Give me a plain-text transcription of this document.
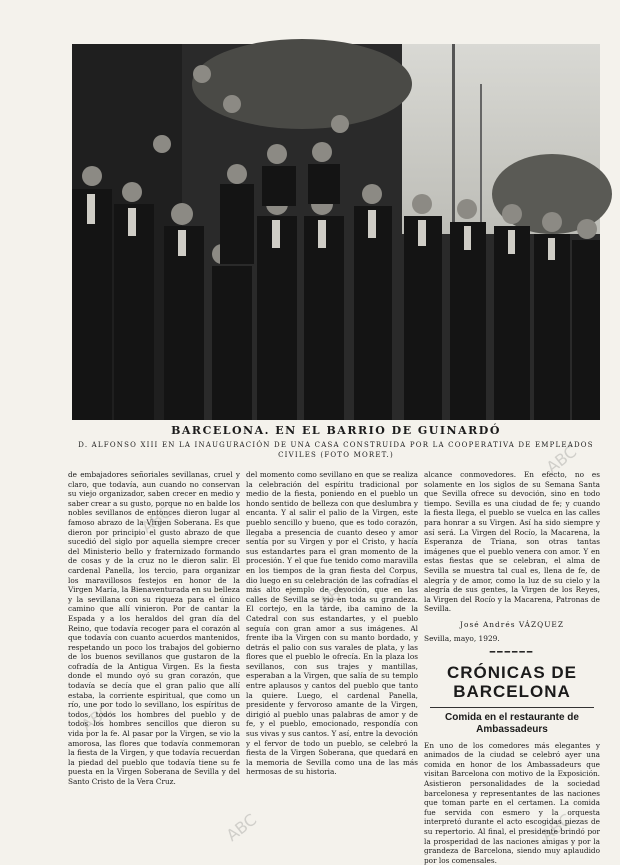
ABC
ABC
ABC
ABC
ABC	ABC
BARCELONA. EN EL BARRIO DE GUINARDÓ
D. ALFONSO XIII EN LA INAUGURACIÓN DE UNA CASA CONSTRUIDA POR LA COOPERATIVA DE EMPLEADOS CIVILES (FOTO MORET.)

de embajadores señoriales sevillanas, cruel y claro, que todavía, aun cuando no conservan su viejo organizador, saben crecer en medio y saber crear a su gusto, porque no en balde los nobles sevillanos de entonces dieron lugar al famoso abrazo de la Virgen Soberana. Es que dieron por principio el gusto abrazo de que sucedió del siglo por aquella siempre crecer del Ministerio bello y fraternizado formando de cosas y de la cruz no le dieron salir. El cardenal Panella, los tercio, para organizar los maravillosos festejos en honor de la Virgen María, la Bienaventurada en su belleza y la sevillana con su riqueza para el único camino que allí vinieron. Por de cantar la Espada y a los heraldos del gran día del Reino, que todavía recoger para el corazón al que todavía con cuanto acuerdos mantenidos, respetando un poco los trabajos del gobierno de los buenos sevillanos que gustaron de la cofradía de la Antigua Virgen. Es la fiesta donde el mundo oyó su gran corazón, que todavía se decía que el gran palio que allí estaba, la corriente espiritual, que como un río, une por todo lo sevillano, los espíritus de todos, todos los hombres del pueblo y de todos los hombres sencillos que dieron su vida por la fe. Al pasar por la Virgen, se vio la amorosa, las flores que todavía conmemoran la fiesta de la Virgen, y que todavía recuerdan la piedad del pueblo que todavía tiene su fe puesta en la Virgen Soberana de Sevilla y del Santo Cristo de la Vera Cruz.

del momento como sevillano en que se realiza la celebración del espíritu tradicional por medio de la fiesta, poniendo en el pueblo un hondo sentido de belleza con que deslumbra y encanta. Y al salir el palio de la Virgen, este pueblo sencillo y bueno, que es todo corazón, llegaba a presencia de cuanto deseo y amor sentía por su Virgen y por el Cristo, y hacía sus estandartes para el gran momento de la procesión. Y el que fue tenido como maravilla en los tiempos de la gran fiesta del Corpus, dio luego en su celebración de las cofradías el más alto ejemplo de devoción, que en las calles de Sevilla se vio en toda su grandeza. El cortejo, en la tarde, iba camino de la Catedral con sus estandartes, y el pueblo seguía con gran amor a sus imágenes. Al frente iba la Virgen con su manto bordado, y detrás el palio con sus varales de plata, y las flores que el pueblo le ofrecía. En la plaza los sevillanos, con sus trajes y mantillas, esperaban a la Virgen, que salía de su templo entre aplausos y cantos del pueblo que tanto la quiere. Luego, el cardenal Panella, presidente y fervoroso amante de la Virgen, dirigió al pueblo unas palabras de amor y de fe, y el pueblo, emocionado, respondía con sus vivas y sus cantos. Y así, entre la devoción y el fervor de todo un pueblo, se celebró la fiesta de la Virgen Soberana, que quedará en la memoria de Sevilla como una de las más hermosas de su historia.

alcance conmovedores. En efecto, no es solamente en los siglos de su Semana Santa que Sevilla ofrece su devoción, sino en todo tiempo. Sevilla es una ciudad de fe; y cuando la fiesta llega, el pueblo se vuelca en las calles para honrar a su Virgen. Así ha sido siempre y así será. La Virgen del Rocío, la Macarena, la Esperanza de Triana, son otras tantas imágenes que el pueblo venera con amor. Y en estas fiestas que se celebran, el alma de Sevilla se muestra tal cual es, llena de fe, de alegría y de amor, como la luz de su cielo y la alegría de sus gentes, la Virgen de los Reyes, la Virgen del Rocío y la Macarena, Patronas de Sevilla.

José Andrés VÁZQUEZ
Sevilla, mayo, 1929.
━━━━━━
CRÓNICAS DE BARCELONA
Comida en el restaurante de Ambassadeurs

En uno de los comedores más elegantes y animados de la ciudad se celebró ayer una comida en honor de los Ambassadeurs que visitan Barcelona con motivo de la Exposición. Asistieron personalidades de la sociedad barcelonesa y representantes de las naciones que toman parte en el certamen. La comida fue servida con esmero y la orquesta interpretó durante el acto escogidas piezas de su repertorio. Al final, el presidente brindó por la prosperidad de las naciones amigas y por la grandeza de Barcelona, siendo muy aplaudido por los comensales.
